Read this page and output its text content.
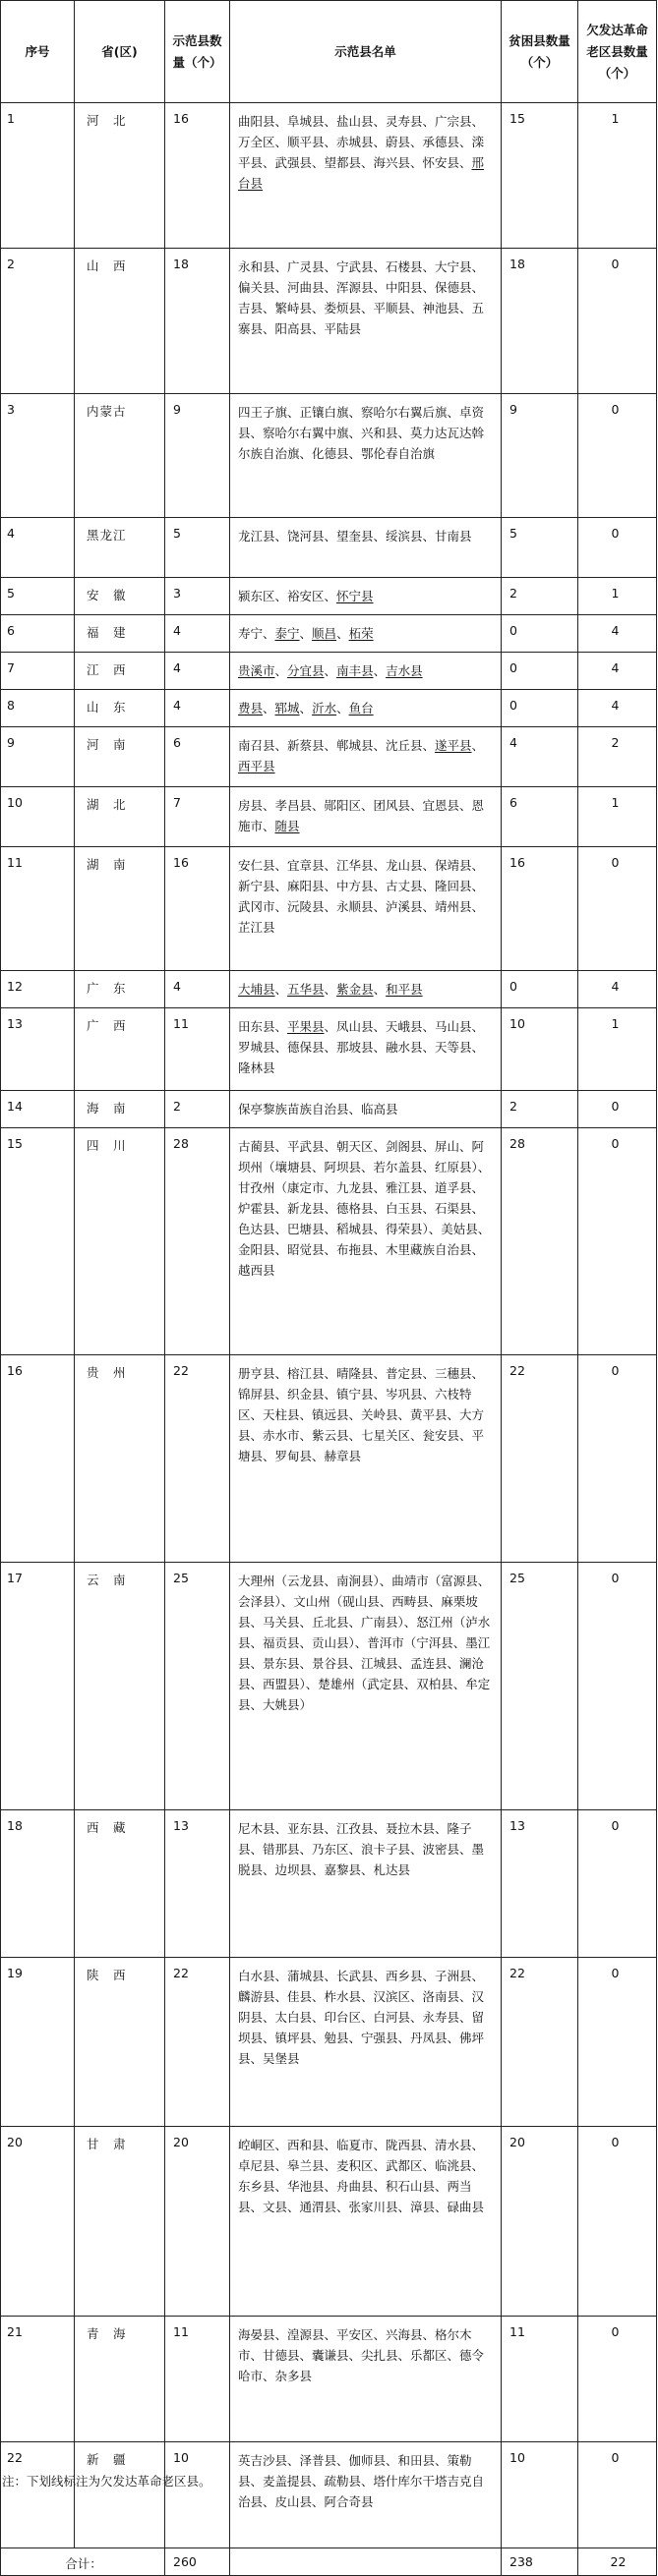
序号	省(区)	示范县数量（个）	示范县名单	贫困县数量（个）	欠发达革命老区县数量（个）

1	河　北	16	曲阳县、阜城县、盐山县、灵寿县、广宗县、万全区、顺平县、赤城县、蔚县、承德县、滦平县、武强县、望都县、海兴县、怀安县、邢台县	15	1
2	山　西	18	永和县、广灵县、宁武县、石楼县、大宁县、偏关县、河曲县、浑源县、中阳县、保德县、吉县、繁峙县、娄烦县、平顺县、神池县、五寨县、阳高县、平陆县	18	0
3	内蒙古	9	四王子旗、正镶白旗、察哈尔右翼后旗、卓资县、察哈尔右翼中旗、兴和县、莫力达瓦达斡尔族自治旗、化德县、鄂伦春自治旗	9	0
4	黑龙江	5	龙江县、饶河县、望奎县、绥滨县、甘南县	5	0
5	安　徽	3	颍东区、裕安区、怀宁县	2	1
6	福　建	4	寿宁、泰宁、顺昌、柘荣	0	4
7	江　西	4	贵溪市、分宜县、南丰县、吉水县	0	4
8	山　东	4	费县、郓城、沂水、鱼台	0	4
9	河　南	6	南召县、新蔡县、郸城县、沈丘县、遂平县、西平县	4	2
10	湖　北	7	房县、孝昌县、郧阳区、团风县、宜恩县、恩施市、随县	6	1
11	湖　南	16	安仁县、宜章县、江华县、龙山县、保靖县、新宁县、麻阳县、中方县、古丈县、隆回县、武冈市、沅陵县、永顺县、泸溪县、靖州县、芷江县	16	0
12	广　东	4	大埔县、五华县、紫金县、和平县	0	4
13	广　西	11	田东县、平果县、凤山县、天峨县、马山县、罗城县、德保县、那坡县、融水县、天等县、隆林县	10	1
14	海　南	2	保亭黎族苗族自治县、临高县	2	0
15	四　川	28	古蔺县、平武县、朝天区、剑阁县、屏山、阿坝州（壤塘县、阿坝县、若尔盖县、红原县）、甘孜州（康定市、九龙县、雅江县、道孚县、炉霍县、新龙县、德格县、白玉县、石渠县、色达县、巴塘县、稻城县、得荣县）、美姑县、金阳县、昭觉县、布拖县、木里藏族自治县、越西县	28	0
16	贵　州	22	册亨县、榕江县、晴隆县、普定县、三穗县、锦屏县、织金县、镇宁县、岑巩县、六枝特区、天柱县、镇远县、关岭县、黄平县、大方县、赤水市、紫云县、七星关区、瓮安县、平塘县、罗甸县、赫章县	22	0
17	云　南	25	大理州（云龙县、南涧县）、曲靖市（富源县、会泽县）、文山州（砚山县、西畴县、麻栗坡县、马关县、丘北县、广南县）、怒江州（泸水县、福贡县、贡山县）、普洱市（宁洱县、墨江县、景东县、景谷县、江城县、孟连县、澜沧县、西盟县）、楚雄州（武定县、双柏县、牟定县、大姚县）	25	0
18	西　藏	13	尼木县、亚东县、江孜县、聂拉木县、隆子县、错那县、乃东区、浪卡子县、波密县、墨脱县、边坝县、嘉黎县、札达县	13	0
19	陕　西	22	白水县、蒲城县、长武县、西乡县、子洲县、麟游县、佳县、柞水县、汉滨区、洛南县、汉阴县、太白县、印台区、白河县、永寿县、留坝县、镇坪县、勉县、宁强县、丹凤县、佛坪县、吴堡县	22	0
20	甘　肃	20	崆峒区、西和县、临夏市、陇西县、清水县、卓尼县、皋兰县、麦积区、武都区、临洮县、东乡县、华池县、舟曲县、积石山县、两当县、文县、通渭县、张家川县、漳县、碌曲县	20	0
21	青　海	11	海晏县、湟源县、平安区、兴海县、格尔木市、甘德县、囊谦县、尖扎县、乐都区、德令哈市、杂多县	11	0
22	新　疆	10	英吉沙县、泽普县、伽师县、和田县、策勒县、麦盖提县、疏勒县、塔什库尔干塔吉克自治县、皮山县、阿合奇县	10	0
合计：		260		238	22
注：下划线标注为欠发达革命老区县。
